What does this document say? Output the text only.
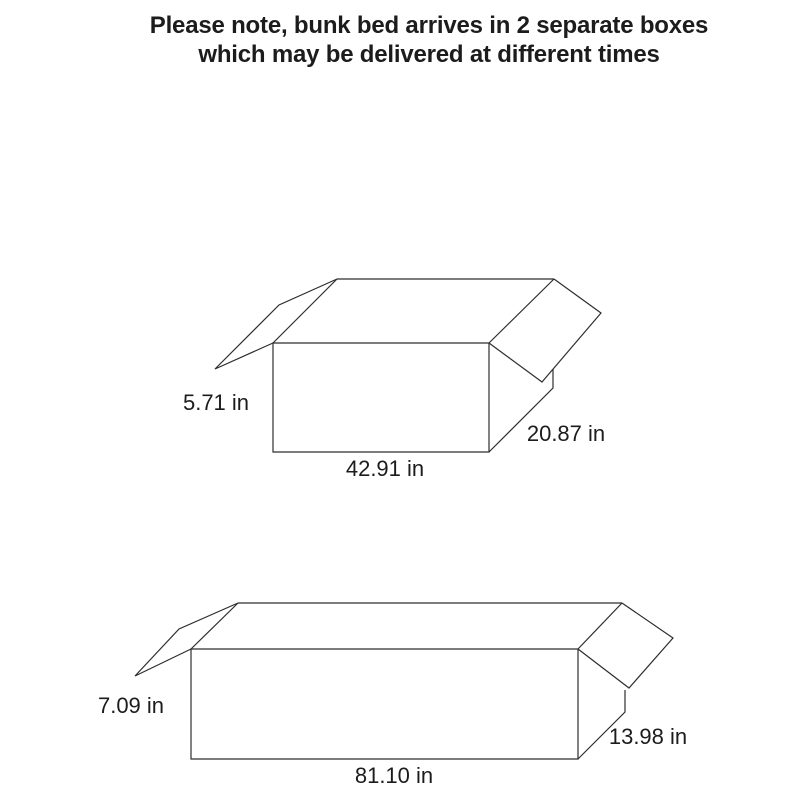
Please note, bunk bed arrives in 2 separate boxes
which may be delivered at different times
5.71 in
42.91 in
20.87 in
7.09 in
81.10 in
13.98 in
